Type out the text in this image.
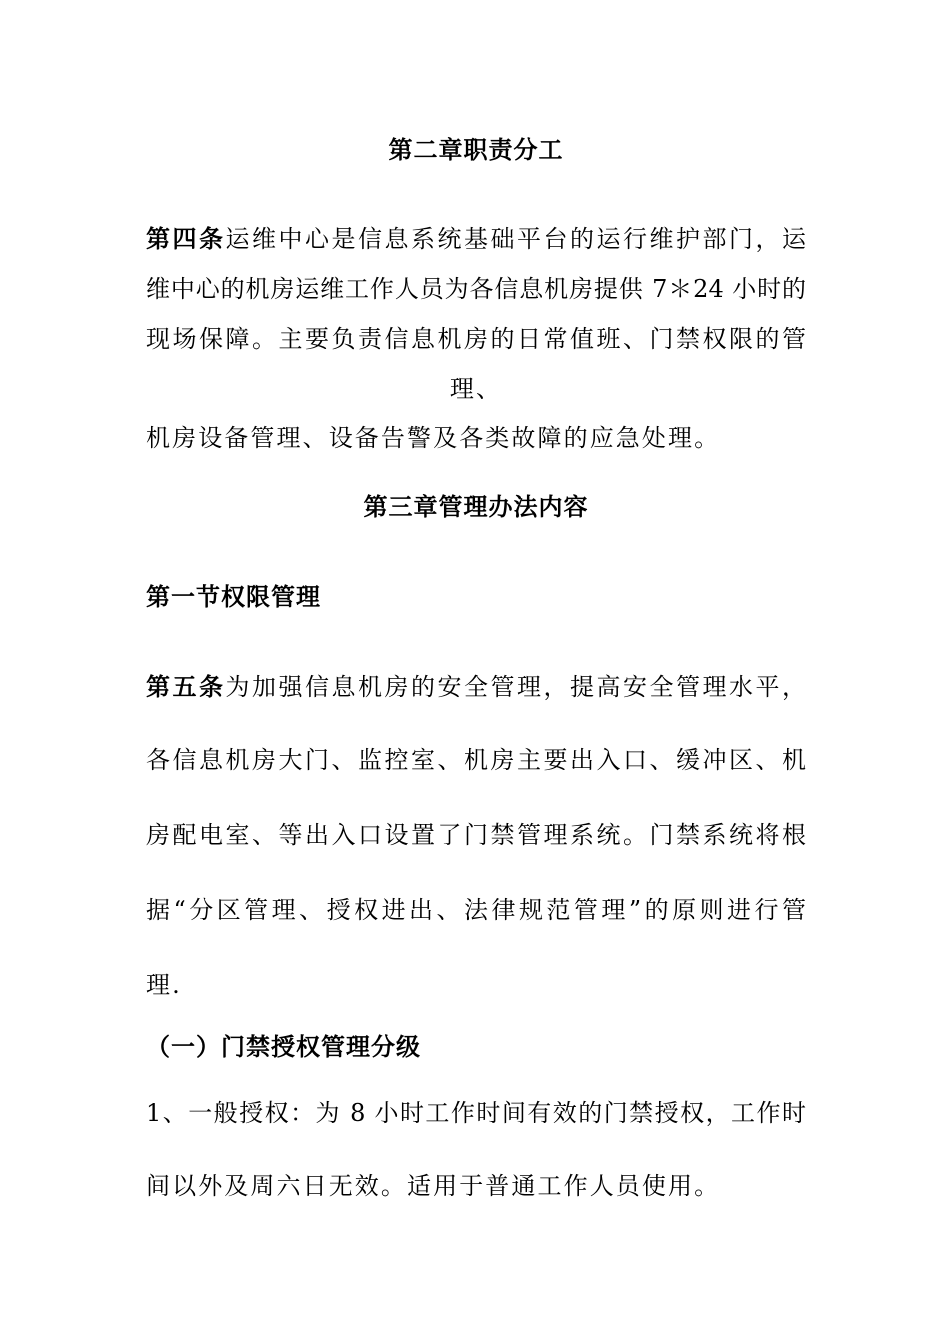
第二章职责分工
第四条运维中心是信息系统基础平台的运行维护部门，运
维中心的机房运维工作人员为各信息机房提供 7＊24 小时的
现场保障。主要负责信息机房的日常值班、门禁权限的管
理、
机房设备管理、设备告警及各类故障的应急处理。
第三章管理办法内容
第一节权限管理
第五条为加强信息机房的安全管理，提高安全管理水平，
各信息机房大门、监控室、机房主要出入口、缓冲区、机
房配电室、等出入口设置了门禁管理系统。门禁系统将根
据“分区管理、授权进出、法律规范管理”的原则进行管
理.
（一）门禁授权管理分级
1、一般授权：为 8 小时工作时间有效的门禁授权，工作时
间以外及周六日无效。适用于普通工作人员使用。
